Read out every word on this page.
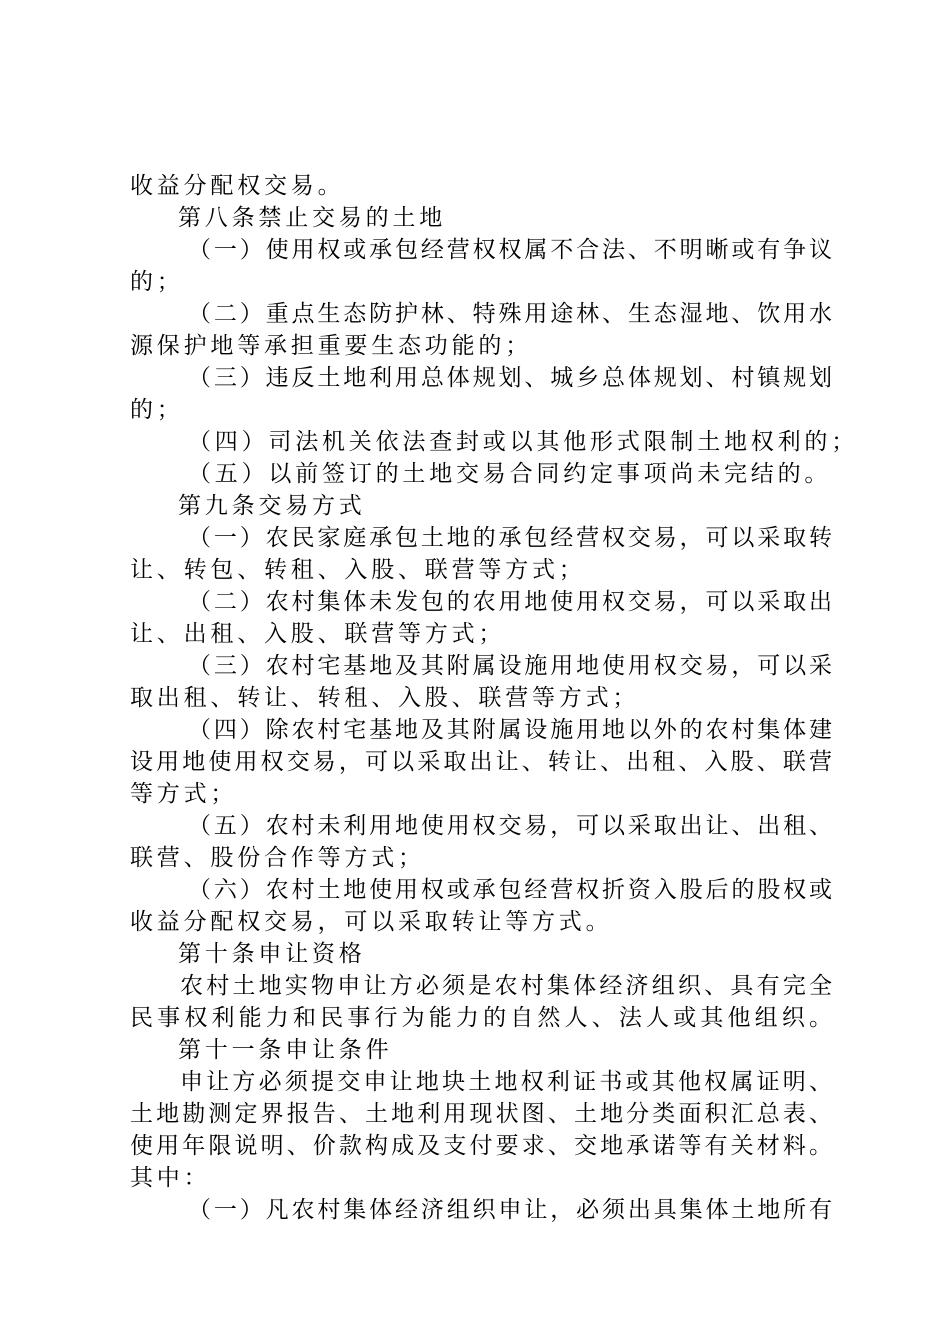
收益分配权交易。
第八条禁止交易的土地
（一）使用权或承包经营权权属不合法、不明晰或有争议
的；
（二）重点生态防护林、特殊用途林、生态湿地、饮用水
源保护地等承担重要生态功能的；
（三）违反土地利用总体规划、城乡总体规划、村镇规划
的；
（四）司法机关依法查封或以其他形式限制土地权利的；
（五）以前签订的土地交易合同约定事项尚未完结的。
第九条交易方式
（一）农民家庭承包土地的承包经营权交易，可以采取转
让、转包、转租、入股、联营等方式；
（二）农村集体未发包的农用地使用权交易，可以采取出
让、出租、入股、联营等方式；
（三）农村宅基地及其附属设施用地使用权交易，可以采
取出租、转让、转租、入股、联营等方式；
（四）除农村宅基地及其附属设施用地以外的农村集体建
设用地使用权交易，可以采取出让、转让、出租、入股、联营
等方式；
（五）农村未利用地使用权交易，可以采取出让、出租、
联营、股份合作等方式；
（六）农村土地使用权或承包经营权折资入股后的股权或
收益分配权交易，可以采取转让等方式。
第十条申让资格
农村土地实物申让方必须是农村集体经济组织、具有完全
民事权利能力和民事行为能力的自然人、法人或其他组织。
第十一条申让条件
申让方必须提交申让地块土地权利证书或其他权属证明、
土地勘测定界报告、土地利用现状图、土地分类面积汇总表、
使用年限说明、价款构成及支付要求、交地承诺等有关材料。
其中：
（一）凡农村集体经济组织申让，必须出具集体土地所有
